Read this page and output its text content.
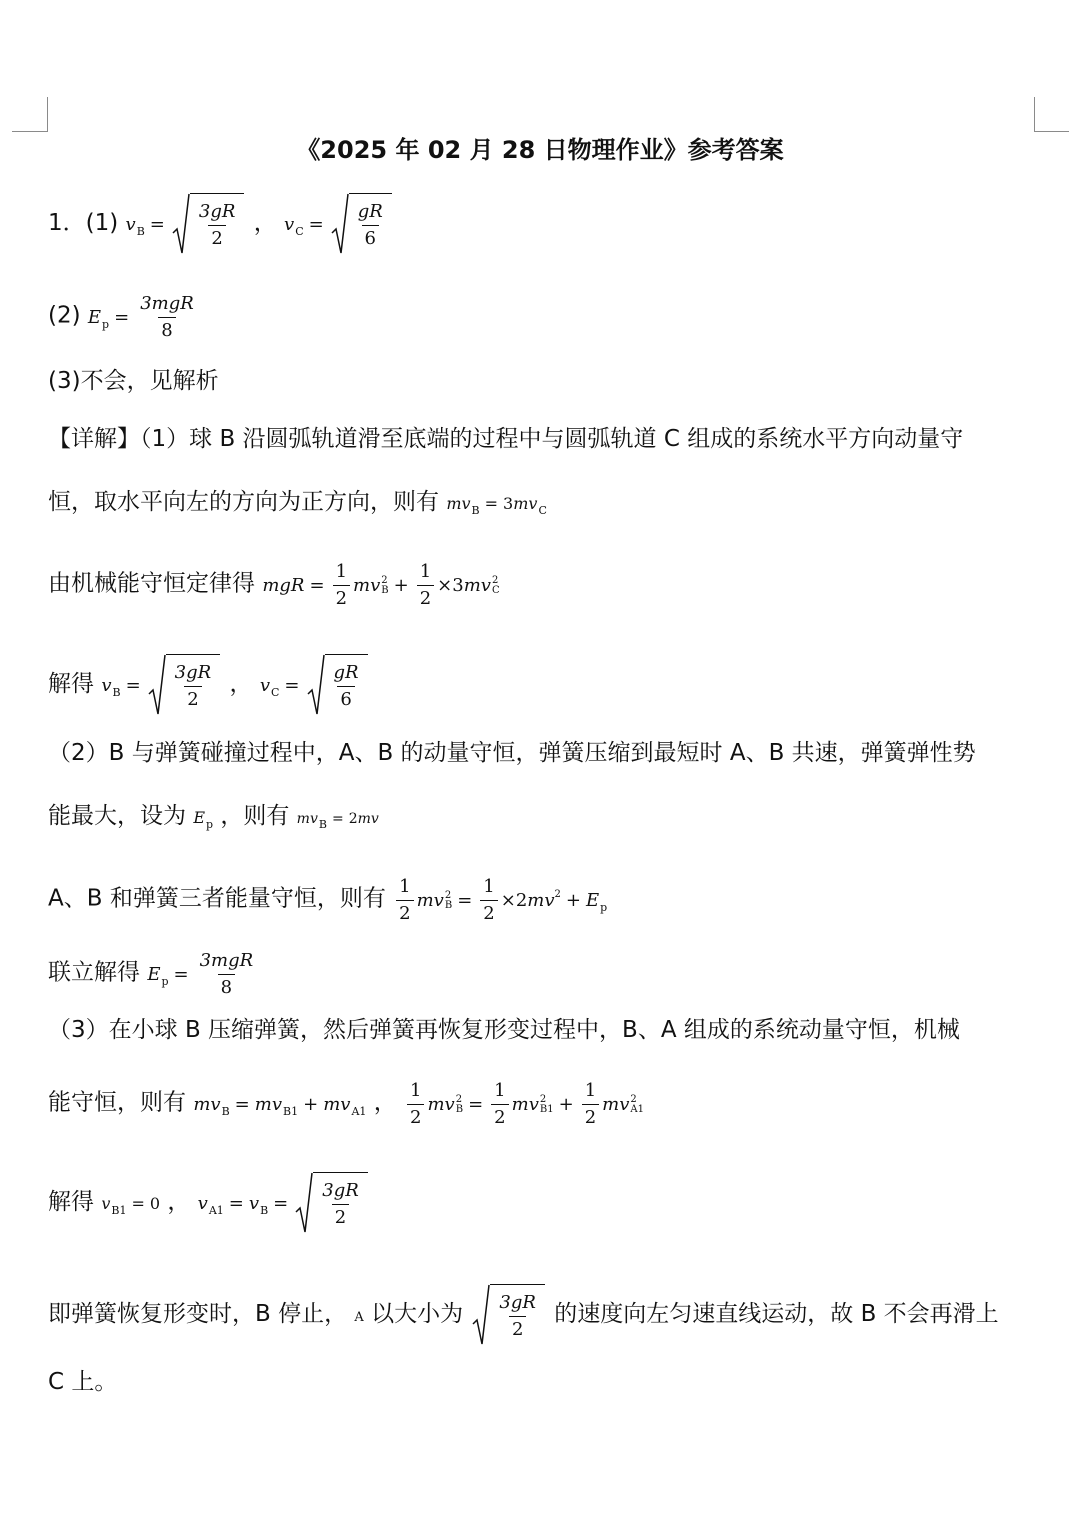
《2025 年 02 月 28 日物理作业》参考答案
1．(1) $v_B = \frac{3gR}{2}$ ， $v_C = \frac{gR}{6}$
(2) $E_p = \frac{\text{3mgR}}{8}$
(3)不会，见解析
【详解】（1）球 B 沿圆弧轨道滑至底端的过程中与圆弧轨道 C 组成的系统水平方向动量守
恒，取水平向左的方向为正方向，则有 $mv_B = 3mv_C$
由机械能守恒定律得 mgR = $\frac{1}{2}$ mv 2
$B + \frac{1}{2} \times 3mv$ 2
C
解得 $v_B = \frac{3gR}{2}$ ， $v_C = \frac{gR}{6}$
（2）B 与弹簧碰撞过程中，A、B 的动量守恒，弹簧压缩到最短时 A、B 共速，弹簧弹性势
能最大，设为 $E_p$ ，则有 $mv_B = 2mv$
A、B 和弹簧三者能量守恒，则有 $\frac{1}{2}$ mv 2
$B = \frac{1}{2} \times 2mv^2 + E_p$
联立解得 $E_p = \frac{\text{3mgR}}{8}$
（3）在小球 B 压缩弹簧，然后弹簧再恢复形变过程中，B、A 组成的系统动量守恒，机械
能守恒，则有 $mv_B = mv_{B1} + mv_{A1}$ ， $\frac{1}{2}$ mv 2
$B = \frac{1}{2}$ mv 2
$B1 + \frac{1}{2}$ mv 2
A1
解得 $v_{B1} = 0$ ， $v_{A1} = v_B = \frac{3gR}{2}$
即弹簧恢复形变时，B 停止， A 以大小为 $\frac{3gR}{2}$ 的速度向左匀速直线运动，故 B 不会再滑上
C 上。
